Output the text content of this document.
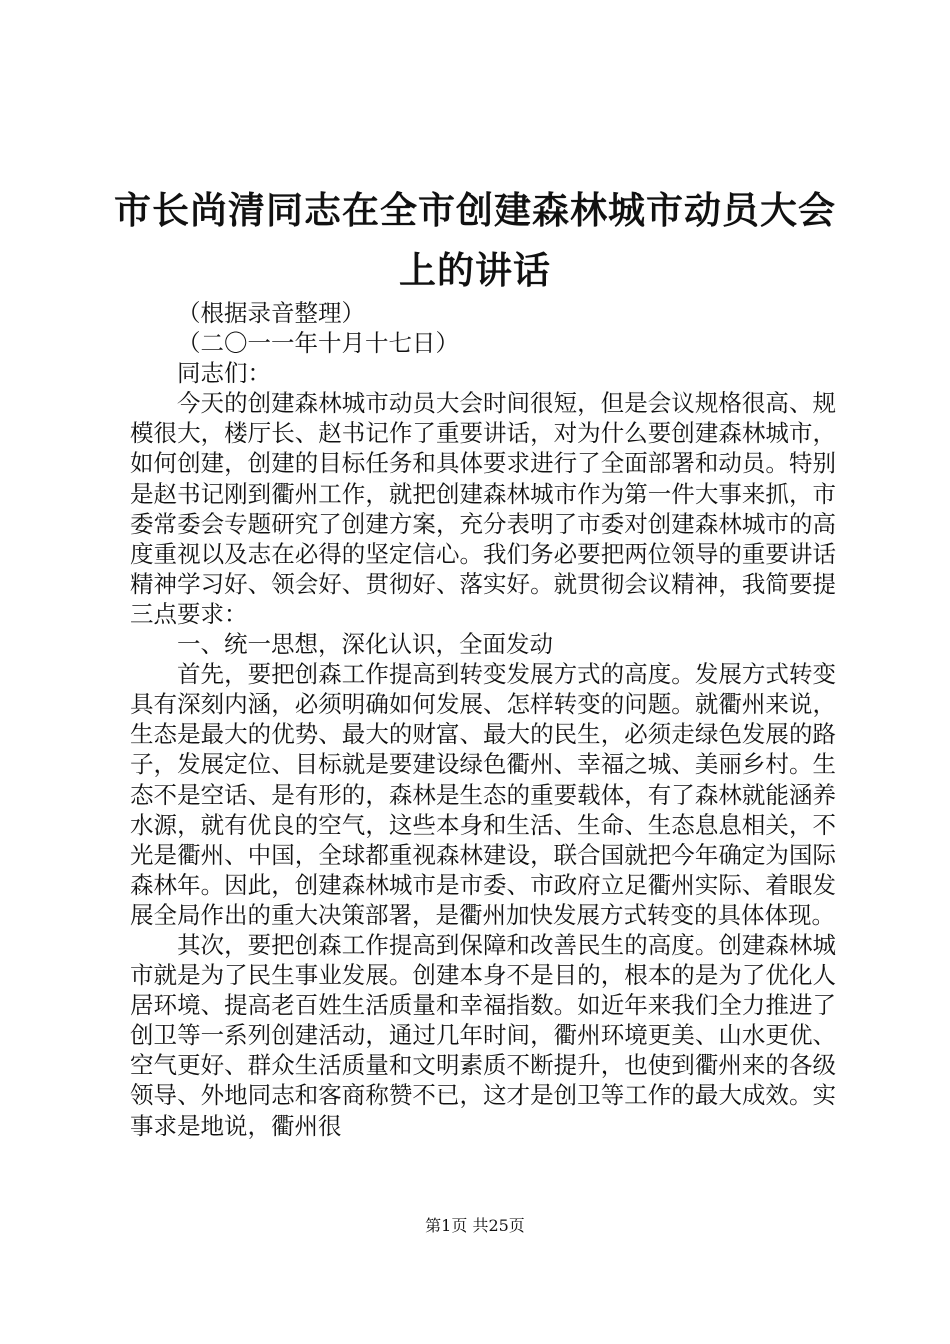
市长尚清同志在全市创建森林城市动员大会上的讲话

（根据录音整理）

（二〇一一年十月十七日）

同志们：

今天的创建森林城市动员大会时间很短，但是会议规格很高、规模很大，楼厅长、赵书记作了重要讲话，对为什么要创建森林城市，如何创建，创建的目标任务和具体要求进行了全面部署和动员。特别是赵书记刚到衢州工作，就把创建森林城市作为第一件大事来抓，市委常委会专题研究了创建方案，充分表明了市委对创建森林城市的高度重视以及志在必得的坚定信心。我们务必要把两位领导的重要讲话精神学习好、领会好、贯彻好、落实好。就贯彻会议精神，我简要提三点要求：

一、统一思想，深化认识，全面发动

首先，要把创森工作提高到转变发展方式的高度。发展方式转变具有深刻内涵，必须明确如何发展、怎样转变的问题。就衢州来说，生态是最大的优势、最大的财富、最大的民生，必须走绿色发展的路子，发展定位、目标就是要建设绿色衢州、幸福之城、美丽乡村。生态不是空话、是有形的，森林是生态的重要载体，有了森林就能涵养水源，就有优良的空气，这些本身和生活、生命、生态息息相关，不光是衢州、中国，全球都重视森林建设，联合国就把今年确定为国际森林年。因此，创建森林城市是市委、市政府立足衢州实际、着眼发展全局作出的重大决策部署，是衢州加快发展方式转变的具体体现。

其次，要把创森工作提高到保障和改善民生的高度。创建森林城市就是为了民生事业发展。创建本身不是目的，根本的是为了优化人居环境、提高老百姓生活质量和幸福指数。如近年来我们全力推进了创卫等一系列创建活动，通过几年时间，衢州环境更美、山水更优、空气更好、群众生活质量和文明素质不断提升，也使到衢州来的各级领导、外地同志和客商称赞不已，这才是创卫等工作的最大成效。实事求是地说，衢州很

第1页 共25页
